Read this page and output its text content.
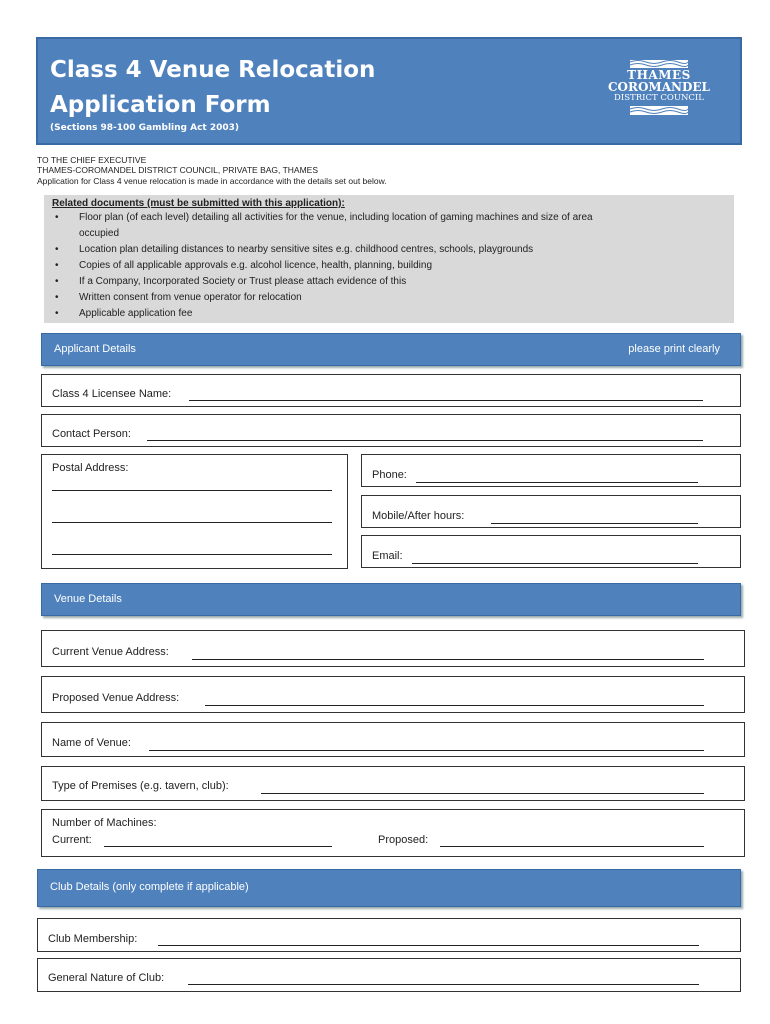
Class 4 Venue Relocation
Application Form
(Sections 98-100 Gambling Act 2003)
THAMES
COROMANDEL
DISTRICT COUNCIL
TO THE CHIEF EXECUTIVE
THAMES-COROMANDEL DISTRICT COUNCIL, PRIVATE BAG, THAMES
Application for Class 4 venue relocation is made in accordance with the details set out below.
Related documents (must be submitted with this application):
• Floor plan (of each level) detailing all activities for the venue, including location of gaming machines and size of area
occupied
• Location plan detailing distances to nearby sensitive sites e.g. childhood centres, schools, playgrounds
• Copies of all applicable approvals e.g. alcohol licence, health, planning, building
• If a Company, Incorporated Society or Trust please attach evidence of this
• Written consent from venue operator for relocation
• Applicable application fee
Applicant Details	please print clearly
Class 4 Licensee Name:
Contact Person:
Postal Address:
Phone:
Mobile/After hours:
Email:
Venue Details
Current Venue Address:
Proposed Venue Address:
Name of Venue:
Type of Premises (e.g. tavern, club):
Number of Machines:
Current:	Proposed:
Club Details (only complete if applicable)
Club Membership:
General Nature of Club:
